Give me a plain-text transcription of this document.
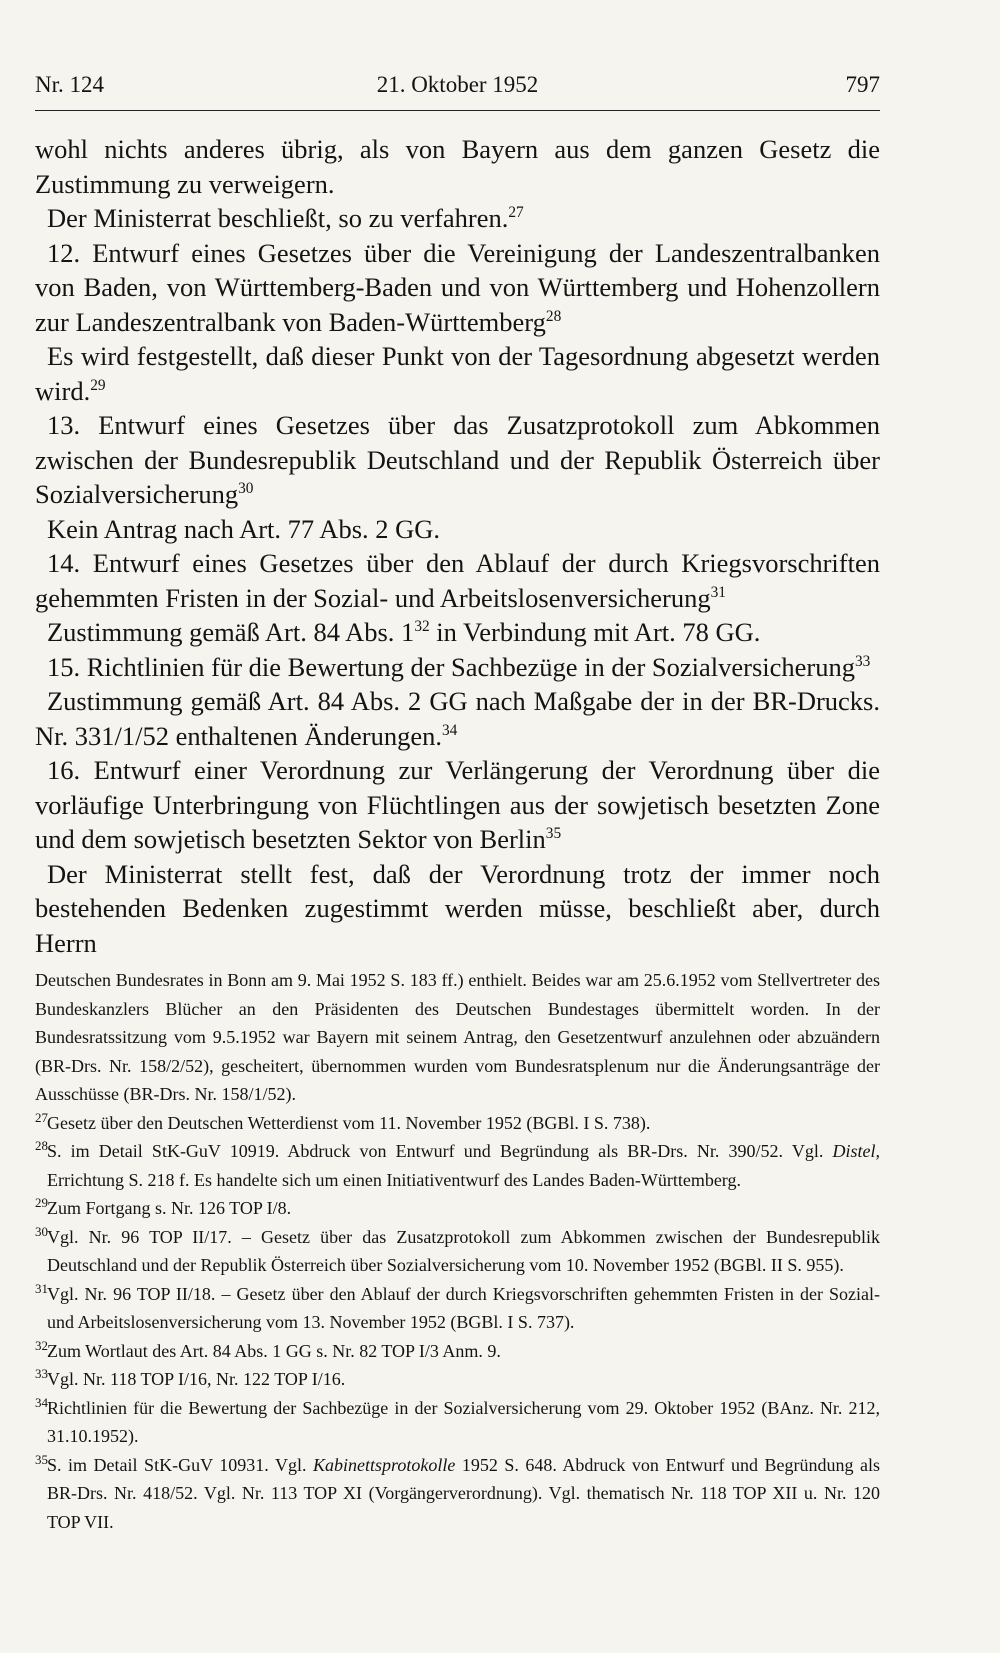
Nr. 124	21. Oktober 1952	797

wohl nichts anderes übrig, als von Bayern aus dem ganzen Gesetz die Zustimmung zu verweigern.

Der Ministerrat beschließt, so zu verfahren.$^{27}$

12. Entwurf eines Gesetzes über die Vereinigung der Landeszentralbanken von Baden, von Württemberg-Baden und von Württemberg und Hohenzollern zur Landeszentralbank von Baden-Württemberg$^{28}$

Es wird festgestellt, daß dieser Punkt von der Tagesordnung abgesetzt werden wird.$^{29}$

13. Entwurf eines Gesetzes über das Zusatzprotokoll zum Abkommen zwischen der Bundesrepublik Deutschland und der Republik Österreich über Sozialversicherung$^{30}$

Kein Antrag nach Art. 77 Abs. 2 GG.

14. Entwurf eines Gesetzes über den Ablauf der durch Kriegsvorschriften gehemmten Fristen in der Sozial- und Arbeitslosenversicherung$^{31}$

Zustimmung gemäß Art. 84 Abs. $1^{32}$ in Verbindung mit Art. 78 GG.

15. Richtlinien für die Bewertung der Sachbezüge in der Sozialversicherung$^{33}$

Zustimmung gemäß Art. 84 Abs. 2 GG nach Maßgabe der in der BR-Drucks. Nr. 331/1/52 enthaltenen Änderungen.$^{34}$

16. Entwurf einer Verordnung zur Verlängerung der Verordnung über die vorläufige Unterbringung von Flüchtlingen aus der sowjetisch besetzten Zone und dem sowjetisch besetzten Sektor von Berlin$^{35}$

Der Ministerrat stellt fest, daß der Verordnung trotz der immer noch bestehenden Bedenken zugestimmt werden müsse, beschließt aber, durch Herrn

Deutschen Bundesrates in Bonn am 9. Mai 1952 S. 183 ff.) enthielt. Beides war am 25.6.1952 vom Stellvertreter des Bundeskanzlers Blücher an den Präsidenten des Deutschen Bundestages übermittelt worden. In der Bundesratssitzung vom 9.5.1952 war Bayern mit seinem Antrag, den Gesetzentwurf anzulehnen oder abzuändern (BR-Drs. Nr. 158/2/52), gescheitert, übernommen wurden vom Bundesratsplenum nur die Änderungsanträge der Ausschüsse (BR-Drs. Nr. 158/1/52).

$^{27}$Gesetz über den Deutschen Wetterdienst vom 11. November 1952 (BGBl. I S. 738).

$^{28}$S. im Detail StK-GuV 10919. Abdruck von Entwurf und Begründung als BR-Drs. Nr. 390/52. Vgl. Distel, Errichtung S. 218 f. Es handelte sich um einen Initiativentwurf des Landes Baden-Württemberg.

$^{29}$Zum Fortgang s. Nr. 126 TOP I/8.

$^{30}$Vgl. Nr. 96 TOP II/17. – Gesetz über das Zusatzprotokoll zum Abkommen zwischen der Bundesrepublik Deutschland und der Republik Österreich über Sozialversicherung vom 10. November 1952 (BGBl. II S. 955).

$^{31}$Vgl. Nr. 96 TOP II/18. – Gesetz über den Ablauf der durch Kriegsvorschriften gehemmten Fristen in der Sozial- und Arbeitslosenversicherung vom 13. November 1952 (BGBl. I S. 737).

$^{32}$Zum Wortlaut des Art. 84 Abs. 1 GG s. Nr. 82 TOP I/3 Anm. 9.

$^{33}$Vgl. Nr. 118 TOP I/16, Nr. 122 TOP I/16.

$^{34}$Richtlinien für die Bewertung der Sachbezüge in der Sozialversicherung vom 29. Oktober 1952 (BAnz. Nr. 212, 31.10.1952).

$^{35}$S. im Detail StK-GuV 10931. Vgl. Kabinettsprotokolle 1952 S. 648. Abdruck von Entwurf und Begründung als BR-Drs. Nr. 418/52. Vgl. Nr. 113 TOP XI (Vorgängerverordnung). Vgl. thematisch Nr. 118 TOP XII u. Nr. 120 TOP VII.
